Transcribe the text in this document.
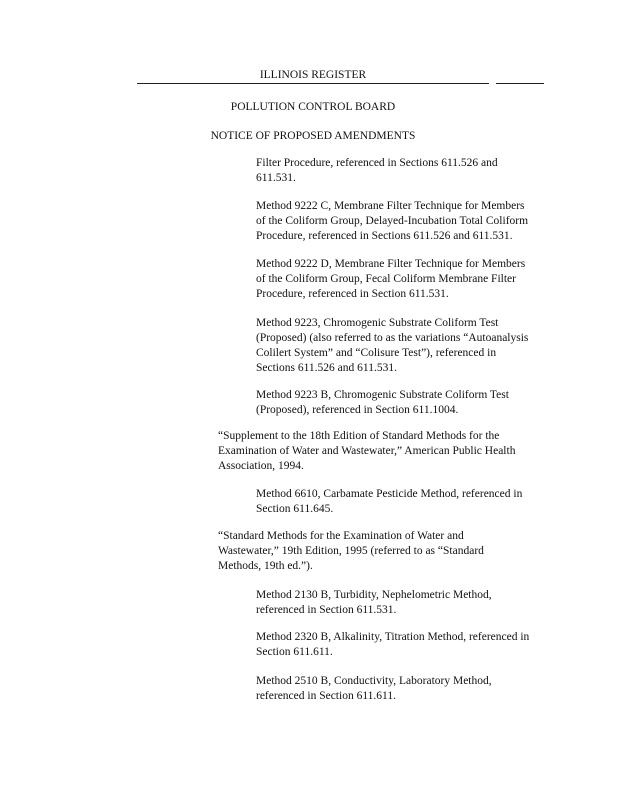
ILLINOIS REGISTER
POLLUTION CONTROL BOARD
NOTICE OF PROPOSED AMENDMENTS
Filter Procedure, referenced in Sections 611.526 and
611.531.
Method 9222 C, Membrane Filter Technique for Members
of the Coliform Group, Delayed-Incubation Total Coliform
Procedure, referenced in Sections 611.526 and 611.531.
Method 9222 D, Membrane Filter Technique for Members
of the Coliform Group, Fecal Coliform Membrane Filter
Procedure, referenced in Section 611.531.
Method 9223, Chromogenic Substrate Coliform Test
(Proposed) (also referred to as the variations “Autoanalysis
Colilert System” and “Colisure Test”), referenced in
Sections 611.526 and 611.531.
Method 9223 B, Chromogenic Substrate Coliform Test
(Proposed), referenced in Section 611.1004.
“Supplement to the 18th Edition of Standard Methods for the
Examination of Water and Wastewater,” American Public Health
Association, 1994.
Method 6610, Carbamate Pesticide Method, referenced in
Section 611.645.
“Standard Methods for the Examination of Water and
Wastewater,” 19th Edition, 1995 (referred to as “Standard
Methods, 19th ed.”).
Method 2130 B, Turbidity, Nephelometric Method,
referenced in Section 611.531.
Method 2320 B, Alkalinity, Titration Method, referenced in
Section 611.611.
Method 2510 B, Conductivity, Laboratory Method,
referenced in Section 611.611.
